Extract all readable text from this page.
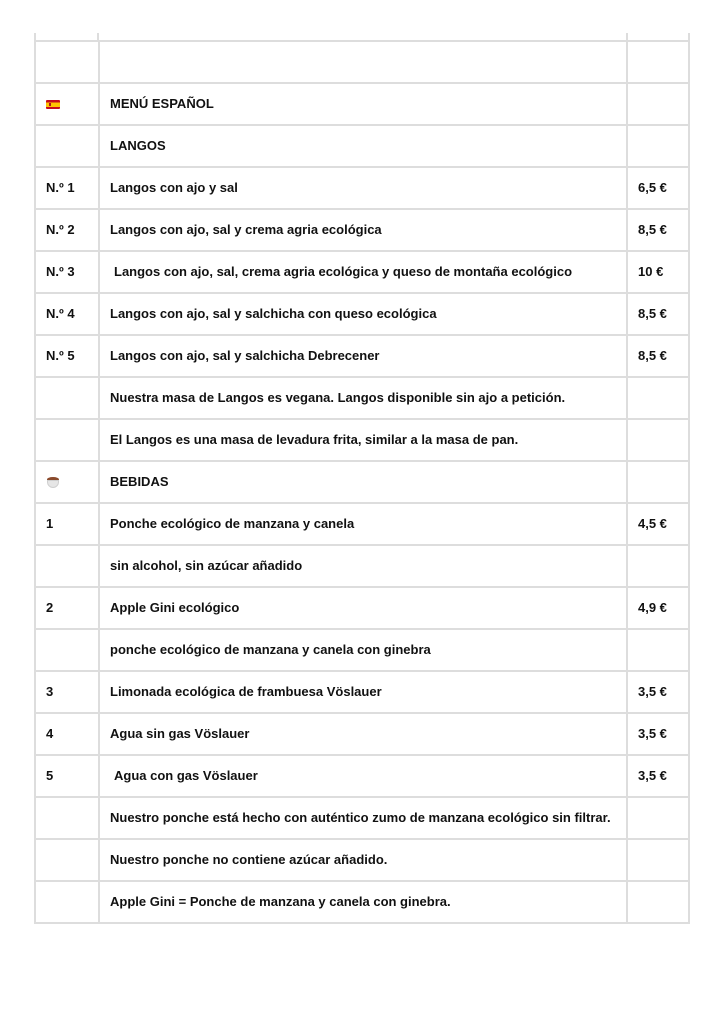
	MENÚ ESPAÑOL	
	LANGOS	
N.º 1	Langos con ajo y sal	6,5 €
N.º 2	Langos con ajo, sal y crema agria ecológica	8,5 €
N.º 3	Langos con ajo, sal, crema agria ecológica y queso de montaña ecológico	10 €
N.º 4	Langos con ajo, sal y salchicha con queso ecológica	8,5 €
N.º 5	Langos con ajo, sal y salchicha Debrecener	8,5 €
	Nuestra masa de Langos es vegana. Langos disponible sin ajo a petición.	
	El Langos es una masa de levadura frita, similar a la masa de pan.	
	BEBIDAS	
1	Ponche ecológico de manzana y canela	4,5 €
	sin alcohol, sin azúcar añadido	
2	Apple Gini ecológico	4,9 €
	ponche ecológico de manzana y canela con ginebra	
3	Limonada ecológica de frambuesa Vöslauer	3,5 €
4	Agua sin gas Vöslauer	3,5 €
5	Agua con gas Vöslauer	3,5 €
	Nuestro ponche está hecho con auténtico zumo de manzana ecológico sin filtrar.	
	Nuestro ponche no contiene azúcar añadido.	
	Apple Gini = Ponche de manzana y canela con ginebra.	
